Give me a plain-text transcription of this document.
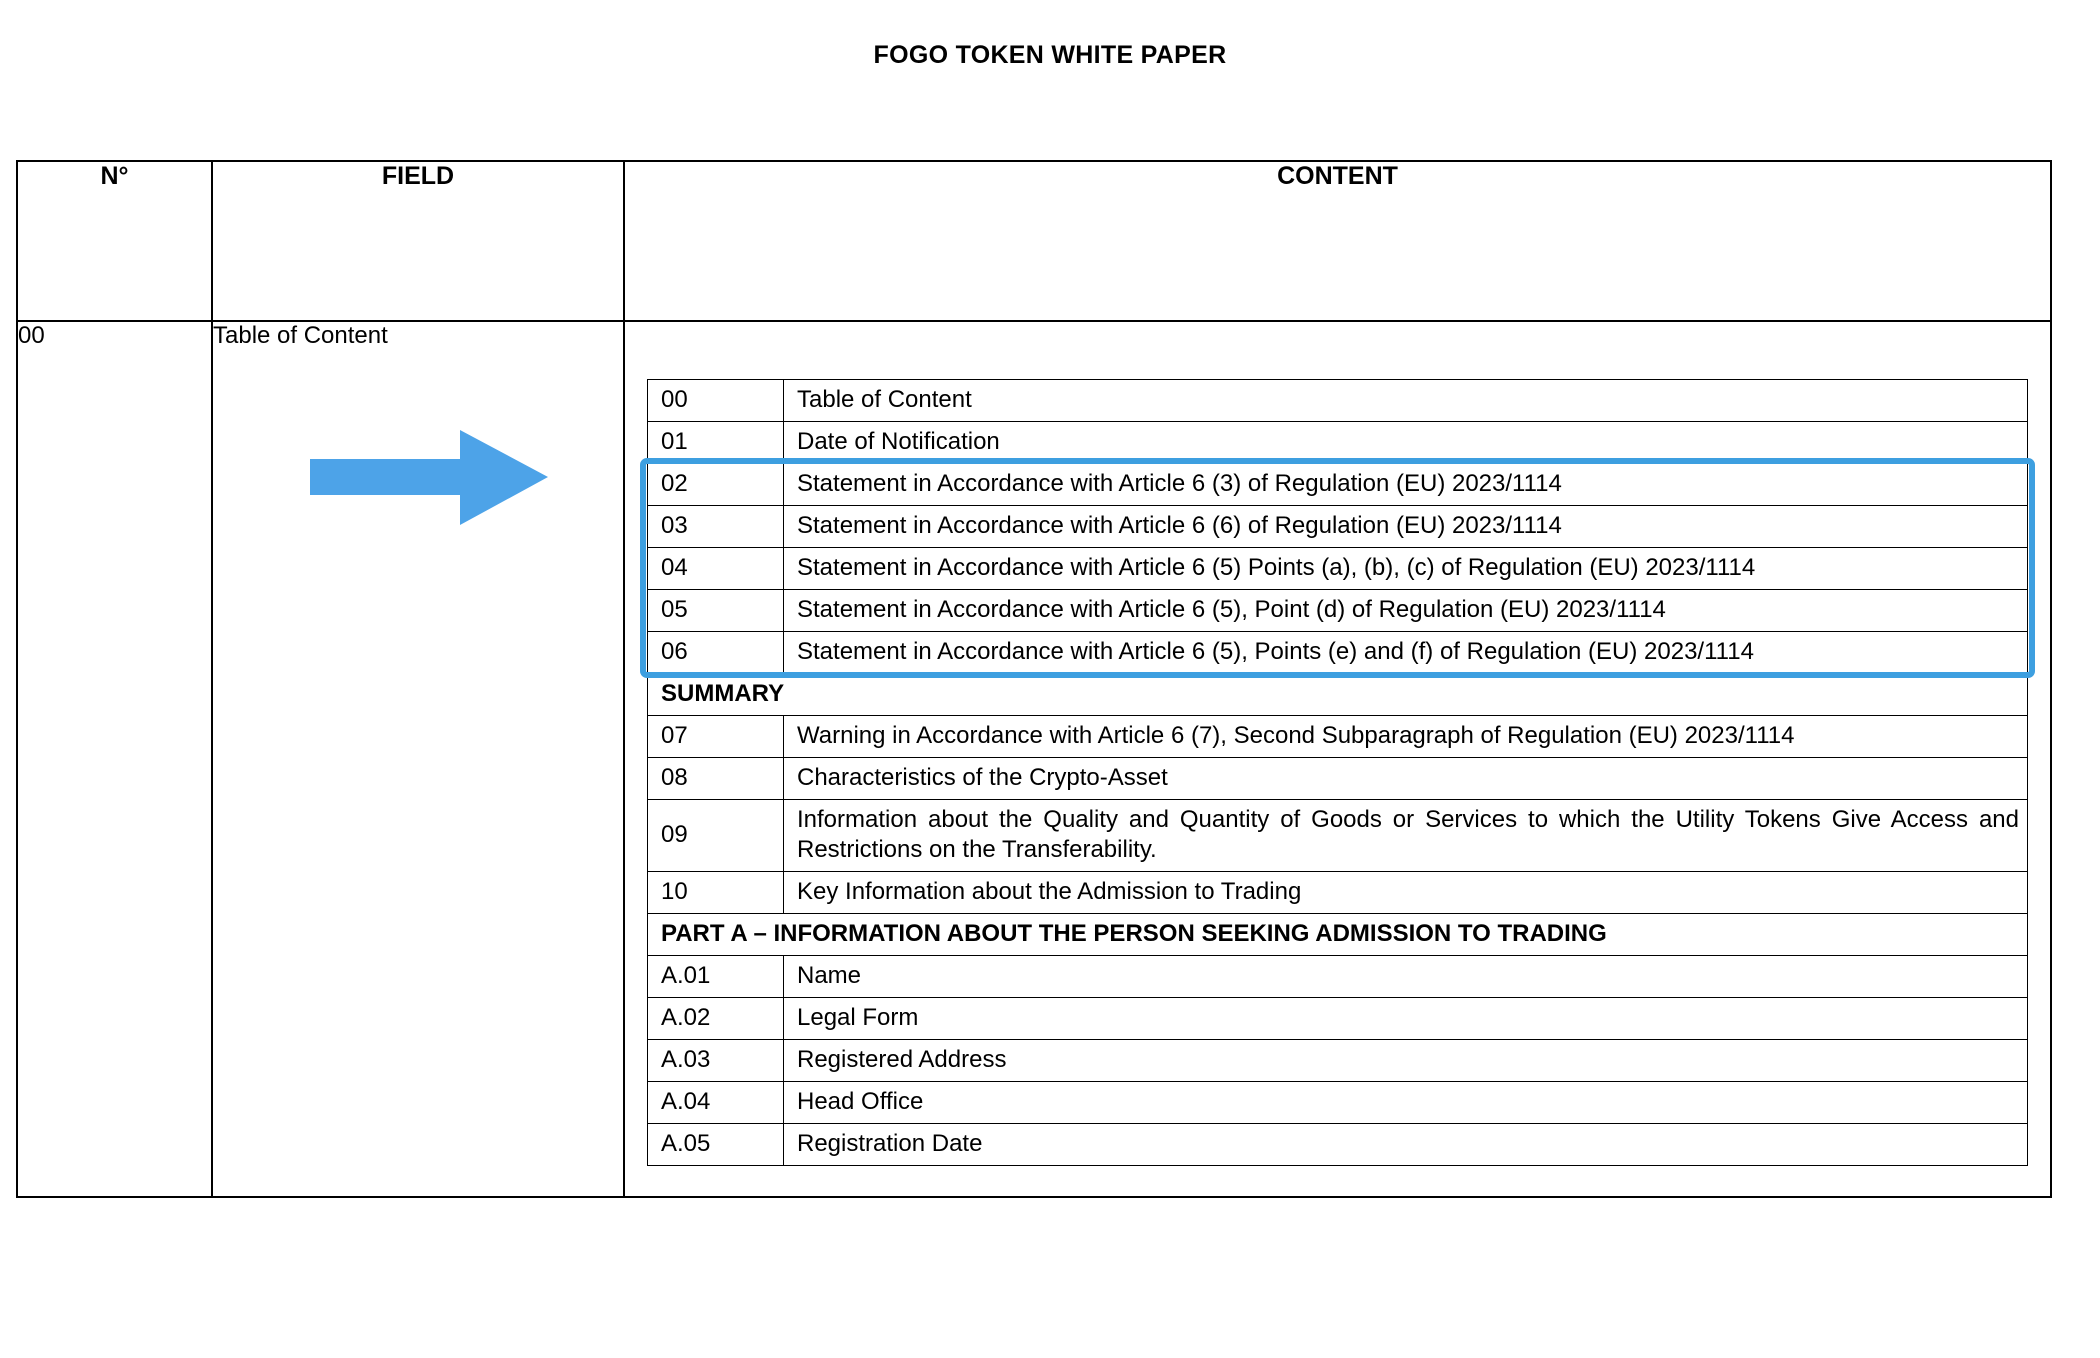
FOGO TOKEN WHITE PAPER
N°	FIELD	CONTENT
00	Table of Content	
00	Table of Content
01	Date of Notification
02	Statement in Accordance with Article 6 (3) of Regulation (EU) 2023/1114
03	Statement in Accordance with Article 6 (6) of Regulation (EU) 2023/1114
04	Statement in Accordance with Article 6 (5) Points (a), (b), (c) of Regulation (EU) 2023/1114
05	Statement in Accordance with Article 6 (5), Point (d) of Regulation (EU) 2023/1114
06	Statement in Accordance with Article 6 (5), Points (e) and (f) of Regulation (EU) 2023/1114
SUMMARY
07	Warning in Accordance with Article 6 (7), Second Subparagraph of Regulation (EU) 2023/1114
08	Characteristics of the Crypto-Asset
09	Information about the Quality and Quantity of Goods or Services to which the Utility Tokens Give Access and Restrictions on the Transferability.
10	Key Information about the Admission to Trading
PART A – INFORMATION ABOUT THE PERSON SEEKING ADMISSION TO TRADING
A.01	Name
A.02	Legal Form
A.03	Registered Address
A.04	Head Office
A.05	Registration Date
